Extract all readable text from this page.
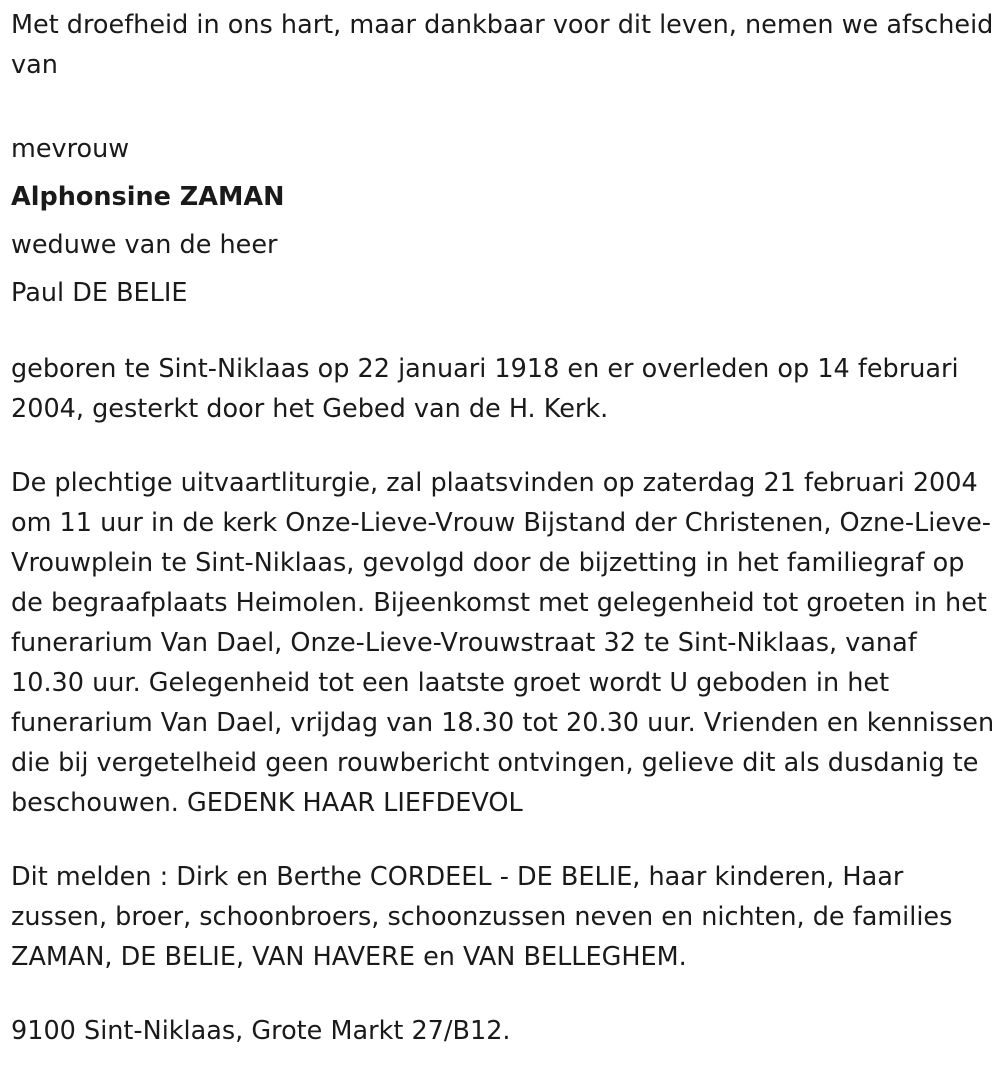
Met droefheid in ons hart, maar dankbaar voor dit leven, nemen we afscheid van

mevrouw
Alphonsine ZAMAN
weduwe van de heer
Paul DE BELIE

geboren te Sint-Niklaas op 22 januari 1918 en er overleden op 14 februari 2004, gesterkt door het Gebed van de H. Kerk.

De plechtige uitvaartliturgie, zal plaatsvinden op zaterdag 21 februari 2004 om 11 uur in de kerk Onze-Lieve-Vrouw Bijstand der Christenen, Ozne-Lieve-Vrouwplein te Sint-Niklaas, gevolgd door de bijzetting in het familiegraf op de begraafplaats Heimolen. Bijeenkomst met gelegenheid tot groeten in het funerarium Van Dael, Onze-Lieve-Vrouwstraat 32 te Sint-Niklaas, vanaf 10.30 uur. Gelegenheid tot een laatste groet wordt U geboden in het funerarium Van Dael, vrijdag van 18.30 tot 20.30 uur. Vrienden en kennissen die bij vergetelheid geen rouwbericht ontvingen, gelieve dit als dusdanig te beschouwen. GEDENK HAAR LIEFDEVOL

Dit melden : Dirk en Berthe CORDEEL - DE BELIE, haar kinderen, Haar zussen, broer, schoonbroers, schoonzussen neven en nichten, de families ZAMAN, DE BELIE, VAN HAVERE en VAN BELLEGHEM.

9100 Sint-Niklaas, Grote Markt 27/B12.
